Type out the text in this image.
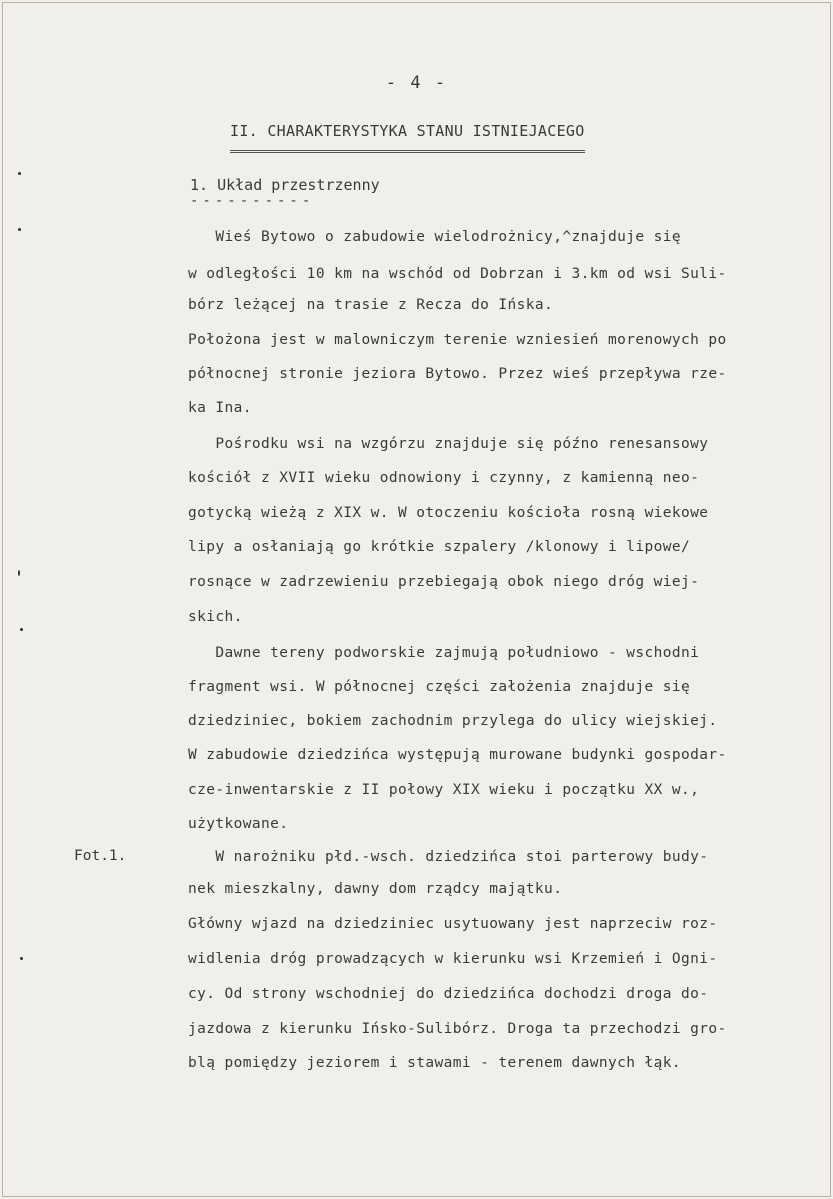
- 4 -
II. CHARAKTERYSTYKA STANU ISTNIEJACEGO
1. Układ przestrzenny
----------
Fot.1.
Wieś Bytowo o zabudowie wielodrożnicy,^znajduje się
w odległości 10 km na wschód od Dobrzan i 3.km od wsi Suli-
bórz leżącej na trasie z Recza do Ińska.
Położona jest w malowniczym terenie wzniesień morenowych po
północnej stronie jeziora Bytowo. Przez wieś przepływa rze-
ka Ina.
Pośrodku wsi na wzgórzu znajduje się późno renesansowy
kościół z XVII wieku odnowiony i czynny, z kamienną neo-
gotycką wieżą z XIX w. W otoczeniu kościoła rosną wiekowe
lipy a osłaniają go krótkie szpalery /klonowy i lipowe/
rosnące w zadrzewieniu przebiegają obok niego dróg wiej-
skich.
Dawne tereny podworskie zajmują południowo - wschodni
fragment wsi. W północnej części założenia znajduje się
dziedziniec, bokiem zachodnim przylega do ulicy wiejskiej.
W zabudowie dziedzińca występują murowane budynki gospodar-
cze-inwentarskie z II połowy XIX wieku i początku XX w.,
użytkowane.
W narożniku płd.-wsch. dziedzińca stoi parterowy budy-
nek mieszkalny, dawny dom rządcy majątku.
Główny wjazd na dziedziniec usytuowany jest naprzeciw roz-
widlenia dróg prowadzących w kierunku wsi Krzemień i Ogni-
cy. Od strony wschodniej do dziedzińca dochodzi droga do-
jazdowa z kierunku Ińsko-Sulibórz. Droga ta przechodzi gro-
blą pomiędzy jeziorem i stawami - terenem dawnych łąk.
